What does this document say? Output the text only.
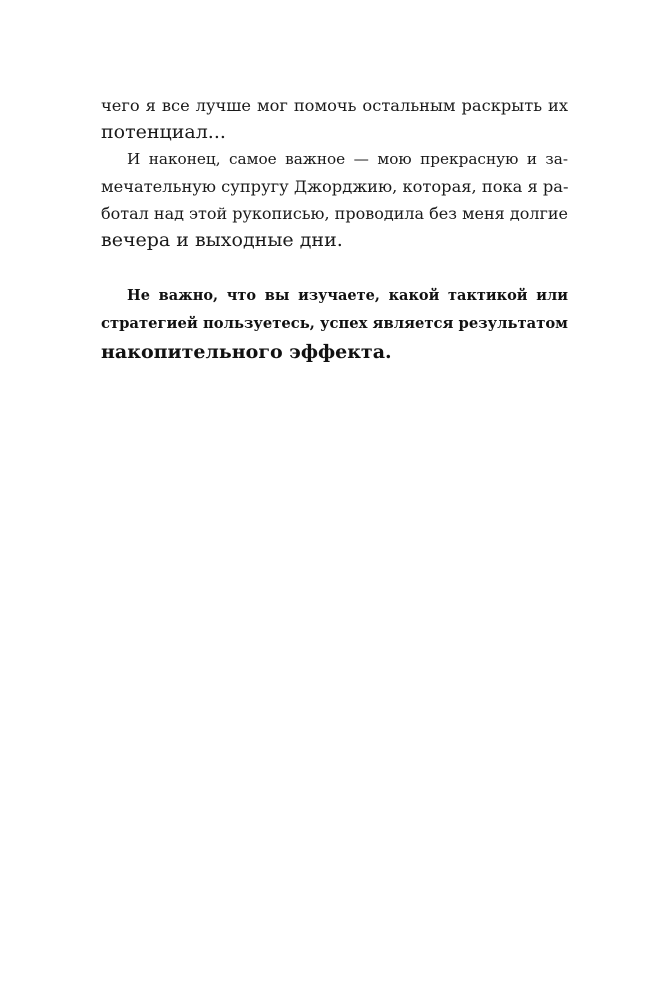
чего я все лучше мог помочь остальным раскрыть их
потенциал...
И наконец, самое важное — мою прекрасную и за-
мечательную супругу Джорджию, которая, пока я ра-
ботал над этой рукописью, проводила без меня долгие
вечера и выходные дни.
Не важно, что вы изучаете, какой тактикой или
стратегией пользуетесь, успех является результатом
накопительного эффекта.
